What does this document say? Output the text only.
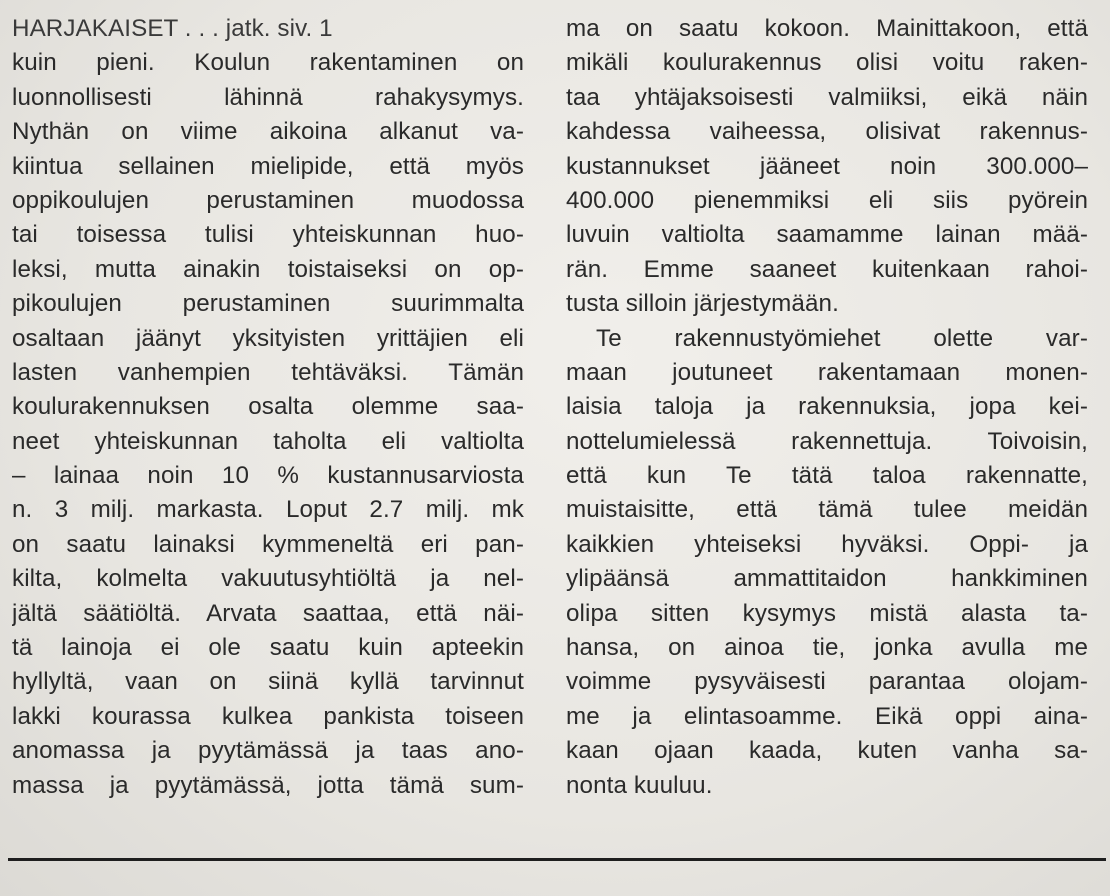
HARJAKAISET . . . jatk. siv. 1
kuin pieni. Koulun rakentaminen on
luonnollisesti lähinnä rahakysymys.
Nythän on viime aikoina alkanut va-
kiintua sellainen mielipide, että myös
oppikoulujen perustaminen muodossa
tai toisessa tulisi yhteiskunnan huo-
leksi, mutta ainakin toistaiseksi on op-
pikoulujen perustaminen suurimmalta
osaltaan jäänyt yksityisten yrittäjien eli
lasten vanhempien tehtäväksi. Tämän
koulurakennuksen osalta olemme saa-
neet yhteiskunnan taholta eli valtiolta
– lainaa noin 10 % kustannusarviosta
n. 3 milj. markasta. Loput 2.7 milj. mk
on saatu lainaksi kymmeneltä eri pan-
kilta, kolmelta vakuutusyhtiöltä ja nel-
jältä säätiöltä. Arvata saattaa, että näi-
tä lainoja ei ole saatu kuin apteekin
hyllyltä, vaan on siinä kyllä tarvinnut
lakki kourassa kulkea pankista toiseen
anomassa ja pyytämässä ja taas ano-
massa ja pyytämässä, jotta tämä sum-
ma on saatu kokoon. Mainittakoon, että
mikäli koulurakennus olisi voitu raken-
taa yhtäjaksoisesti valmiiksi, eikä näin
kahdessa vaiheessa, olisivat rakennus-
kustannukset jääneet noin 300.000–
400.000 pienemmiksi eli siis pyörein
luvuin valtiolta saamamme lainan mää-
rän. Emme saaneet kuitenkaan rahoi-
tusta silloin järjestymään.
Te rakennustyömiehet olette var-
maan joutuneet rakentamaan monen-
laisia taloja ja rakennuksia, jopa kei-
nottelumielessä rakennettuja. Toivoisin,
että kun Te tätä taloa rakennatte,
muistaisitte, että tämä tulee meidän
kaikkien yhteiseksi hyväksi. Oppi- ja
ylipäänsä ammattitaidon hankkiminen
olipa sitten kysymys mistä alasta ta-
hansa, on ainoa tie, jonka avulla me
voimme pysyväisesti parantaa olojam-
me ja elintasoamme. Eikä oppi aina-
kaan ojaan kaada, kuten vanha sa-
nonta kuuluu.
